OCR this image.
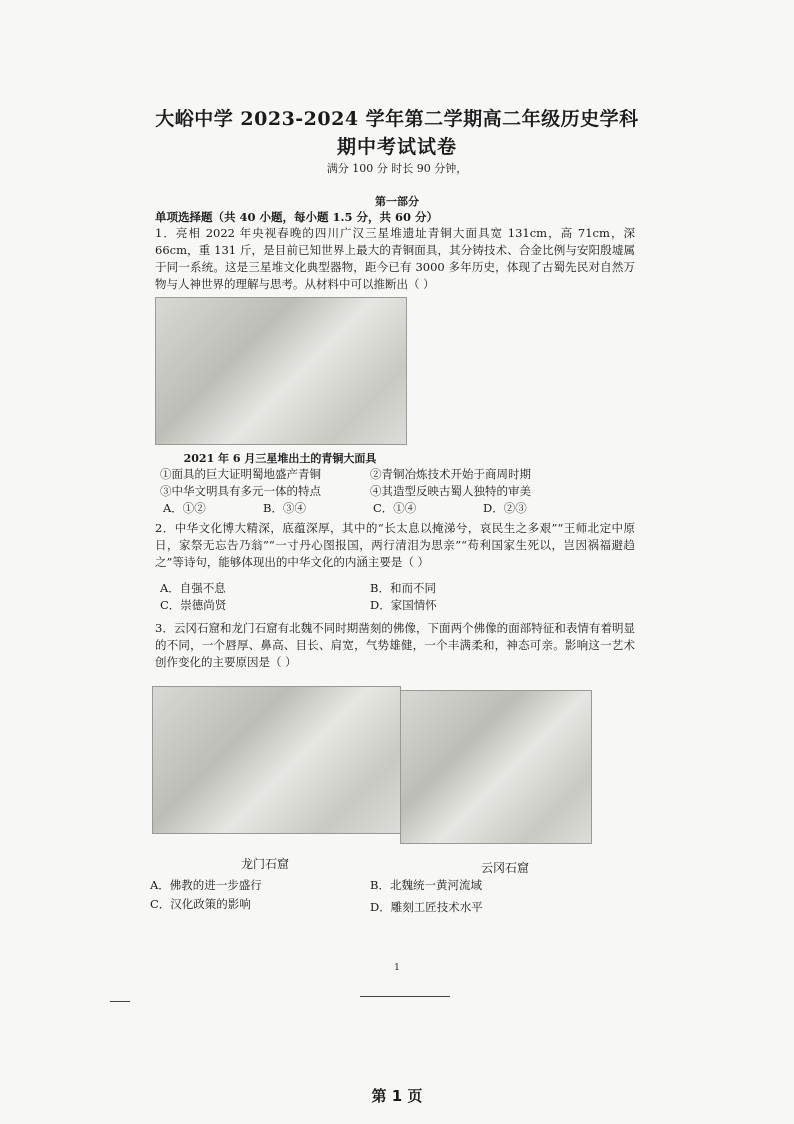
大峪中学 2023-2024 学年第二学期高二年级历史学科
期中考试试卷
满分 100 分 时长 90 分钟，
第一部分
单项选择题（共 40 小题，每小题 1.5 分，共 60 分）
1．亮相 2022 年央视春晚的四川广汉三星堆遗址青铜大面具宽 131cm，高 71cm，深 66cm，重 131 斤，是目前已知世界上最大的青铜面具，其分铸技术、合金比例与安阳殷墟属于同一系统。这是三星堆文化典型器物，距今已有 3000 多年历史，体现了古蜀先民对自然万物与人神世界的理解与思考。从材料中可以推断出（ ）
2021 年 6 月三星堆出土的青铜大面具
①面具的巨大证明蜀地盛产青铜	②青铜冶炼技术开始于商周时期
③中华文明具有多元一体的特点	④其造型反映古蜀人独特的审美
A．①②	B．③④	C．①④	D．②③
2．中华文化博大精深，底蕴深厚，其中的“长太息以掩涕兮，哀民生之多艰”“王师北定中原日，家祭无忘告乃翁”“一寸丹心图报国，两行清泪为思亲”“苟利国家生死以，岂因祸福避趋之”等诗句，能够体现出的中华文化的内涵主要是（ ）
A．自强不息	B．和而不同
C．崇德尚贤	D．家国情怀
3．云冈石窟和龙门石窟有北魏不同时期凿刻的佛像，下面两个佛像的面部特征和表情有着明显的不同，一个唇厚、鼻高、目长、肩宽，气势雄健，一个丰满柔和，神态可亲。影响这一艺术创作变化的主要原因是（ ）
龙门石窟	云冈石窟
A．佛教的进一步盛行	B．北魏统一黄河流域
C．汉化政策的影响	D．雕刻工匠技术水平
1
第 1 页
